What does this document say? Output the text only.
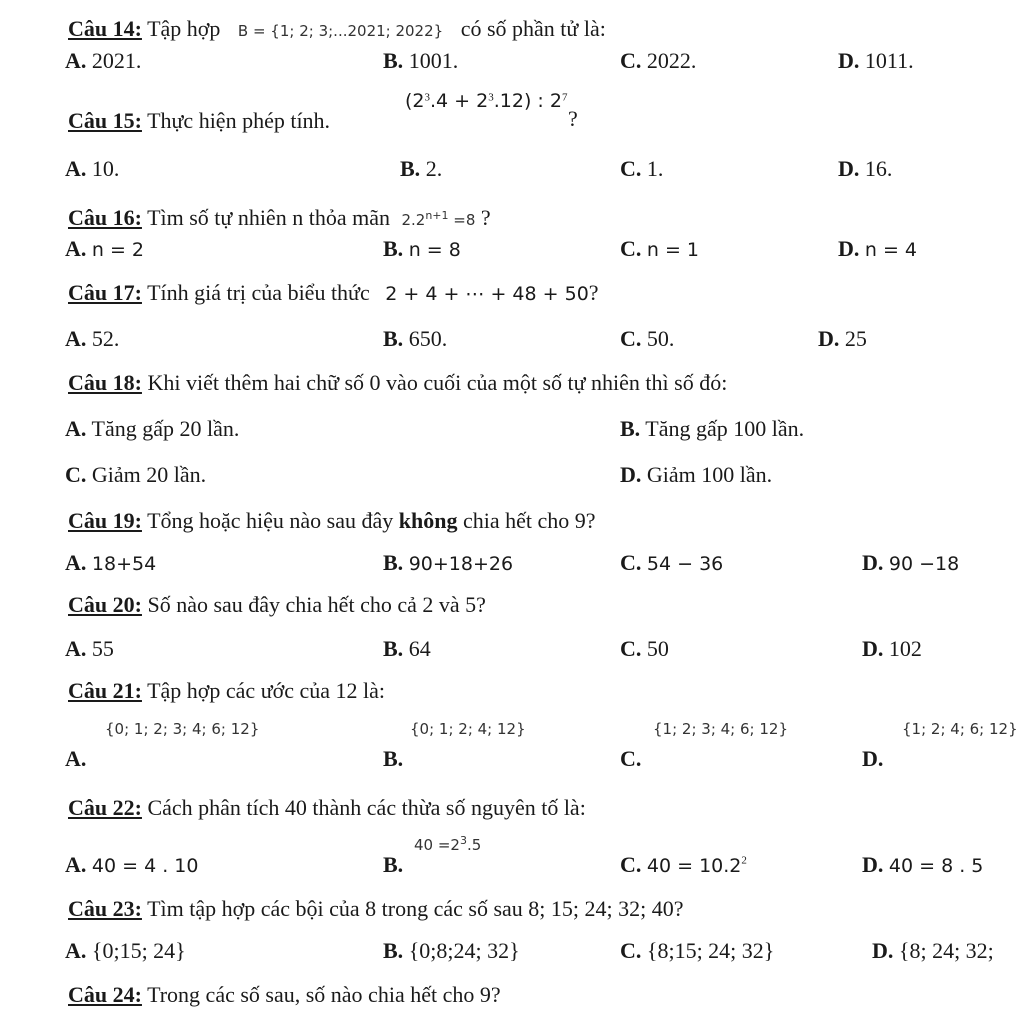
Câu 14: Tập hợp B = {1; 2; 3;...2021; 2022} có số phần tử là:
A. 2021.	B. 1001.	C. 2022.	D. 1011.
Câu 15: Thực hiện phép tính.
$(2^3.4 + 2^3.12)$ : $2^7$
?
A. 10.	B. 2.	C. 1.	D. 16.
Câu 16: Tìm số tự nhiên n thỏa mãn $2.2^{n+1} =8$ ?
A. n = 2	B. n = 8	C. n = 1	D. n = 4
Câu 17: Tính giá trị của biểu thức 2 + 4 + ⋯ + 48 + 50?
A. 52.	B. 650.	C. 50.	D. 25
Câu 18: Khi viết thêm hai chữ số 0 vào cuối của một số tự nhiên thì số đó:
A. Tăng gấp 20 lần.	B. Tăng gấp 100 lần.
C. Giảm 20 lần.	D. Giảm 100 lần.
Câu 19: Tổng hoặc hiệu nào sau đây không chia hết cho 9?
A. 18+54	B. 90+18+26	C. 54 − 36	D. 90 −18
Câu 20: Số nào sau đây chia hết cho cả 2 và 5?
A. 55	B. 64	C. 50	D. 102
Câu 21: Tập hợp các ước của 12 là:
A.
{0; 1; 2; 3; 4; 6; 12}
B.
{0; 1; 2; 4; 12}
C.
{1; 2; 3; 4; 6; 12}
D.
{1; 2; 4; 6; 12}
Câu 22: Cách phân tích 40 thành các thừa số nguyên tố là:
A. 40 = 4 . 10	B.
$40 =2^3.5$
C. $40 = 10.2^2$	D. 40 = 8 . 5
Câu 23: Tìm tập hợp các bội của 8 trong các số sau 8; 15; 24; 32; 40?
A. {0;15; 24}	B. {0;8;24; 32}	C. {8;15; 24; 32}	D. {8; 24; 32;
Câu 24: Trong các số sau, số nào chia hết cho 9?
